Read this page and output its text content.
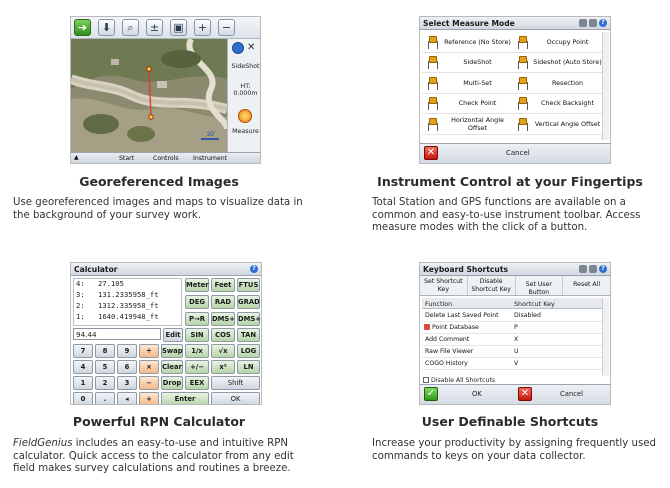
➔ ⬇	⌕	± ▣ + −
20'
✕
SideShot
HT: 0.000m
Measure
▲	Start	Controls Instrument
Georeferenced Images

Use georeferenced images and maps to visualize data in the background of your survey work.

Select Measure Mode	?
Reference (No Store)	Occupy Point
SideShot	Sideshot (Auto Store)
Multi-Set	Resection
Check Point	Check Backsight
Horizontal Angle Offset	Vertical Angle Offset
✕	Cancel
Instrument Control at your Fingertips

Total Station and GPS functions are available on a common and easy-to-use instrument toolbar. Access measure modes with the click of a button.

Calculator	?
4: 27.105
3: 131.2335958_ft
2: 1312.335958_ft
1: 1640.419948_ft
94.44
Meter Feet	FTUS
DEG	RAD	GRAD
P→R	DMS+ DMS+
Edit	SIN	COS	TAN
7	8	9	÷	Swap	1/x	√x	LOG
4	5	6	×	Clear	+/−	x²	LN
1	2	3	−	Drop	EEX	Shift
0	.	◂	+	Enter	OK
Powerful RPN Calculator

FieldGenius includes an easy-to-use and intuitive RPN calculator. Quick access to the calculator from any edit field makes survey calculations and routines a breeze.

Keyboard Shortcuts	?
Set Shortcut Key
Disable Shortcut Key
Set User Button
Reset All
Function	Shortcut Key
Delete Last Saved Point Disabled
Point Database	P
Add Comment	X
Raw File Viewer	U
COGO History	V
Disable All Shortcuts
✓	OK	✕	Cancel
User Definable Shortcuts

Increase your productivity by assigning frequently used commands to keys on your data collector.
